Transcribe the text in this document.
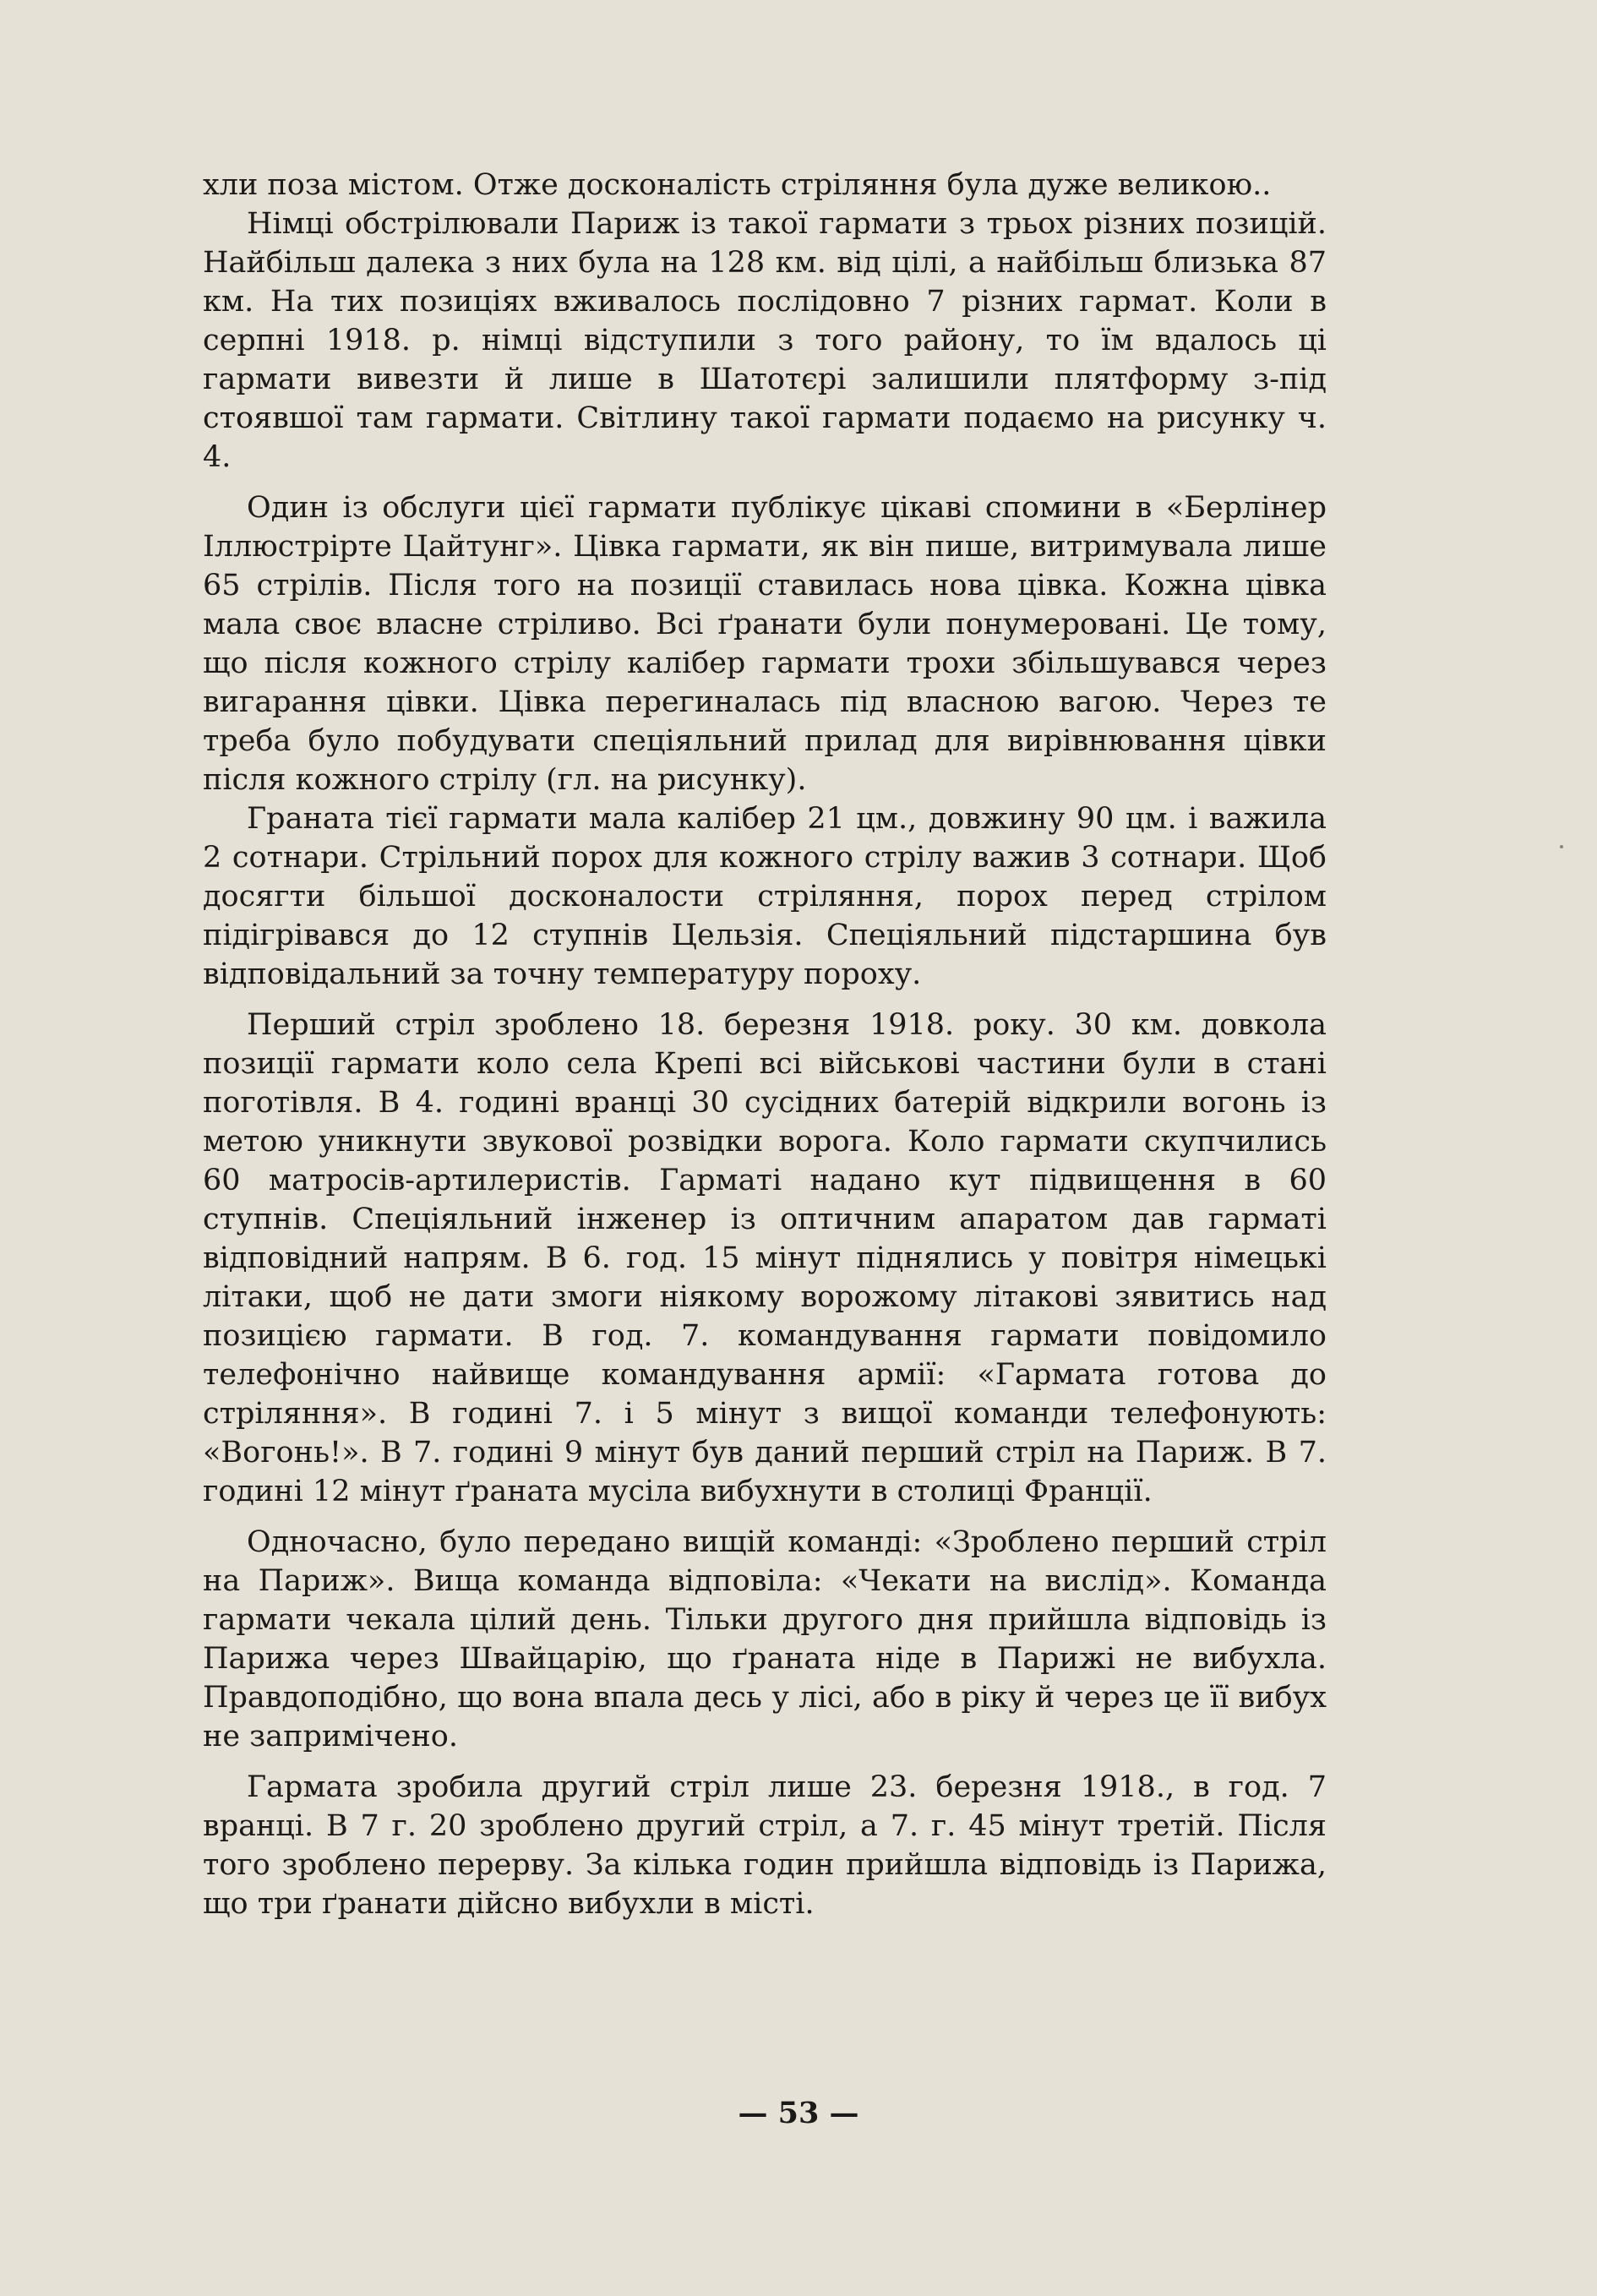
хли поза містом. Отже досконалість стріляння була дуже великою..

Німці обстрілювали Париж із такої гармати з трьох різних позицій. Найбільш далека з них була на 128 км. від цілі, а найбільш близька 87 км. На тих позиціях вживалось послідовно 7 різних гармат. Коли в серпні 1918. р. німці відступили з того району, то їм вдалось ці гармати вивезти й лише в Шатотєрі залишили плятформу з-під стоявшої там гармати. Світлину такої гармати подаємо на рисунку ч. 4.

Один із обслуги цієї гармати публікує цікаві спомини в «Берлінер Іллюстрірте Цайтунг». Цівка гармати, як він пише, витримувала лише 65 стрілів. Після того на позиції ставилась нова цівка. Кожна цівка мала своє власне стріливо. Всі ґранати були понумеровані. Це тому, що після кожного стрілу калібер гармати трохи збільшувався через вигарання цівки. Цівка перегиналась під власною вагою. Через те треба було побудувати спеціяльний прилад для вирівнювання цівки після кожного стрілу (гл. на рисунку).

Граната тієї гармати мала калібер 21 цм., довжину 90 цм. і важила 2 сотнари. Стрільний порох для кожного стрілу важив 3 сотнари. Щоб досягти більшої досконалости стріляння, порох перед стрілом підігрівався до 12 ступнів Цельзія. Спеціяльний підстаршина був відповідальний за точну температуру пороху.

Перший стріл зроблено 18. березня 1918. року. 30 км. довкола позиції гармати коло села Крепі всі військові частини були в стані поготівля. В 4. годині вранці 30 сусідних батерій відкрили вогонь із метою уникнути звукової розвідки ворога. Коло гармати скупчились 60 матросів-артилеристів. Гарматі надано кут підвищення в 60 ступнів. Спеціяльний інженер із оптичним апаратом дав гарматі відповідний напрям. В 6. год. 15 мінут піднялись у повітря німецькі літаки, щоб не дати змоги ніякому ворожому літакові зявитись над позицією гармати. В год. 7. командування гармати повідомило телефонічно найвище командування армії: «Гармата готова до стріляння». В годині 7. і 5 мінут з вищої команди телефонують: «Вогонь!». В 7. годині 9 мінут був даний перший стріл на Париж. В 7. годині 12 мінут ґраната мусіла вибухнути в столиці Франції.

Одночасно, було передано вищій команді: «Зроблено перший стріл на Париж». Вища команда відповіла: «Чекати на вислід». Команда гармати чекала цілий день. Тільки другого дня прийшла відповідь із Парижа через Швайцарію, що ґраната ніде в Парижі не вибухла. Правдоподібно, що вона впала десь у лісі, або в ріку й через це її вибух не запримічено.

Гармата зробила другий стріл лише 23. березня 1918., в год. 7 вранці. В 7 г. 20 зроблено другий стріл, а 7. г. 45 мінут третій. Після того зроблено перерву. За кілька годин прийшла відповідь із Парижа, що три ґранати дійсно вибухли в місті.

— 53 —
